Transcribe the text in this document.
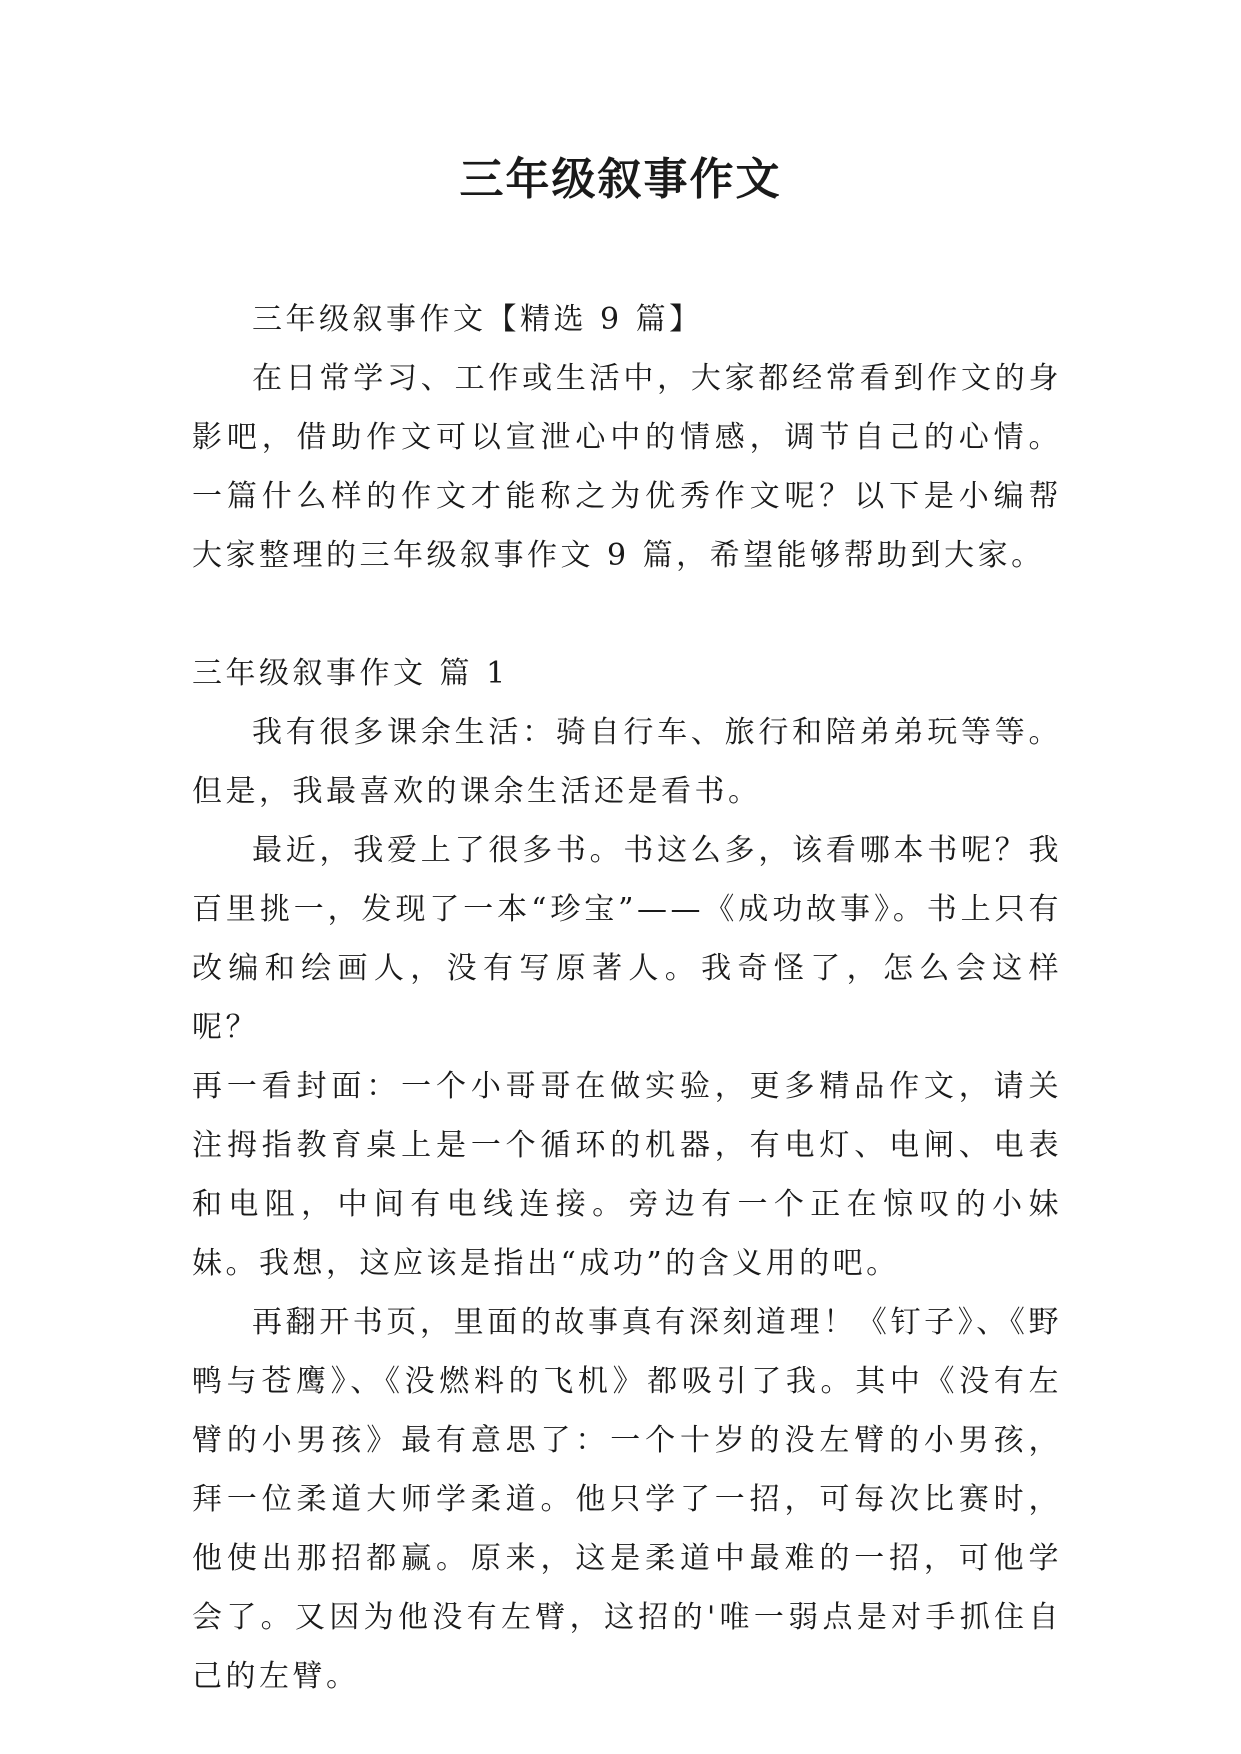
三年级叙事作文

三年级叙事作文【精选 9 篇】

在日常学习、工作或生活中，大家都经常看到作文的身影吧，借助作文可以宣泄心中的情感，调节自己的心情。一篇什么样的作文才能称之为优秀作文呢？以下是小编帮大家整理的三年级叙事作文 9 篇，希望能够帮助到大家。

三年级叙事作文 篇 1

我有很多课余生活：骑自行车、旅行和陪弟弟玩等等。但是，我最喜欢的课余生活还是看书。

最近，我爱上了很多书。书这么多，该看哪本书呢？我百里挑一，发现了一本“珍宝”——《成功故事》。书上只有改编和绘画人，没有写原著人。我奇怪了，怎么会这样呢？

再一看封面：一个小哥哥在做实验，更多精品作文，请关注拇指教育桌上是一个循环的机器，有电灯、电闸、电表和电阻，中间有电线连接。旁边有一个正在惊叹的小妹妹。我想，这应该是指出“成功”的含义用的吧。

再翻开书页，里面的故事真有深刻道理！《钉子》、《野鸭与苍鹰》、《没燃料的飞机》都吸引了我。其中《没有左臂的小男孩》最有意思了：一个十岁的没左臂的小男孩，拜一位柔道大师学柔道。他只学了一招，可每次比赛时，他使出那招都赢。原来，这是柔道中最难的一招，可他学会了。又因为他没有左臂，这招的'唯一弱点是对手抓住自己的左臂。
